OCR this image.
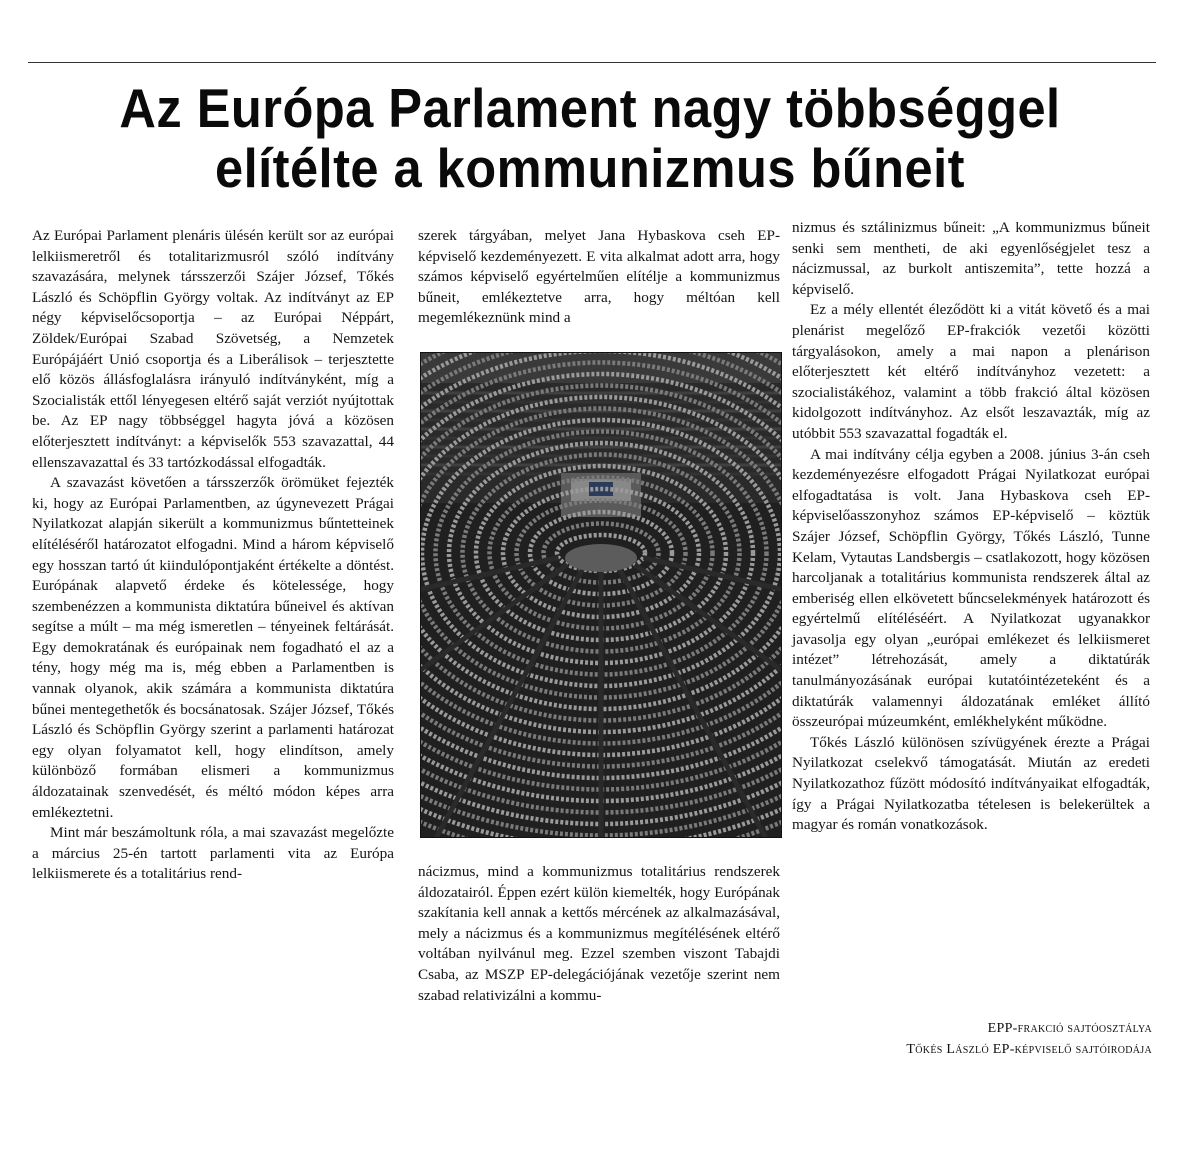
Az Európa Parlament nagy többséggel
elítélte a kommunizmus bűneit

Az Európai Parlament plenáris ülésén került sor az európai lelkiismeretről és totalitarizmusról szóló indítvány szavazására, melynek társszerzői Szájer József, Tőkés László és Schöpflin György voltak. Az indítványt az EP négy képviselőcsoportja – az Európai Néppárt, Zöldek/Európai Szabad Szövetség, a Nemzetek Európájáért Unió csoportja és a Liberálisok – terjesztette elő közös állásfoglalásra irányuló indítványként, míg a Szocialisták ettől lényegesen eltérő saját verziót nyújtottak be. Az EP nagy többséggel hagyta jóvá a közösen előterjesztett indítványt: a képviselők 553 szavazattal, 44 ellenszavazattal és 33 tartózkodással elfogadták.

A szavazást követően a társszerzők örömüket fejezték ki, hogy az Európai Parlamentben, az úgynevezett Prágai Nyilatkozat alapján sikerült a kommunizmus bűntetteinek elítéléséről határozatot elfogadni. Mind a három képviselő egy hosszan tartó út kiindulópontjaként értékelte a döntést. Európának alapvető érdeke és kötelessége, hogy szembenézzen a kommunista diktatúra bűneivel és aktívan segítse a múlt – ma még ismeretlen – tényeinek feltárását. Egy demokratának és európainak nem fogadható el az a tény, hogy még ma is, még ebben a Parlamentben is vannak olyanok, akik számára a kommunista diktatúra bűnei mentegethetők és bocsánatosak. Szájer József, Tőkés László és Schöpflin György szerint a parlamenti határozat egy olyan folyamatot kell, hogy elindítson, amely különböző formában elismeri a kommunizmus áldozatainak szenvedését, és méltó módon képes arra emlékeztetni.

Mint már beszámoltunk róla, a mai szavazást megelőzte a március 25-én tartott parlamenti vita az Európa lelkiismerete és a totalitárius rend-

szerek tárgyában, melyet Jana Hybaskova cseh EP-képviselő kezdeményezett. E vita alkalmat adott arra, hogy számos képviselő egyértelműen elítélje a kommunizmus bűneit, emlékeztetve arra, hogy méltóan kell megemlékeznünk mind a

nácizmus, mind a kommunizmus totalitárius rendszerek áldozatairól. Éppen ezért külön kiemelték, hogy Európának szakítania kell annak a kettős mércének az alkalmazásával, mely a nácizmus és a kommunizmus megítélésének eltérő voltában nyilvánul meg. Ezzel szemben viszont Tabajdi Csaba, az MSZP EP-delegációjának vezetője szerint nem szabad relativizálni a kommu-

nizmus és sztálinizmus bűneit: „A kommunizmus bűneit senki sem mentheti, de aki egyenlőségjelet tesz a nácizmussal, az burkolt antiszemita”, tette hozzá a képviselő.

Ez a mély ellentét éleződött ki a vitát követő és a mai plenárist megelőző EP-frakciók vezetői közötti tárgyalásokon, amely a mai napon a plenárison előterjesztett két eltérő indítványhoz vezetett: a szocialistákéhoz, valamint a több frakció által közösen kidolgozott indítványhoz. Az elsőt leszavazták, míg az utóbbit 553 szavazattal fogadták el.

A mai indítvány célja egyben a 2008. június 3-án cseh kezdeményezésre elfogadott Prágai Nyilatkozat európai elfogadtatása is volt. Jana Hybaskova cseh EP-képviselőasszonyhoz számos EP-képviselő – köztük Szájer József, Schöpflin György, Tőkés László, Tunne Kelam, Vytautas Landsbergis – csatlakozott, hogy közösen harcoljanak a totalitárius kommunista rendszerek által az emberiség ellen elkövetett bűncselekmények határozott és egyértelmű elítéléséért. A Nyilatkozat ugyanakkor javasolja egy olyan „európai emlékezet és lelkiismeret intézet” létrehozását, amely a diktatúrák tanulmányozásának európai kutatóintézeteként és a diktatúrák valamennyi áldozatának emléket állító összeurópai múzeumként, emlékhelyként működne.

Tőkés László különösen szívügyének érezte a Prágai Nyilatkozat cselekvő támogatását. Miután az eredeti Nyilatkozathoz fűzött módosító indítványaikat elfogadták, így a Prágai Nyilatkozatba tételesen is belekerültek a magyar és román vonatkozások.

EPP-frakció sajtóosztálya
Tőkés László EP-képviselő sajtóirodája
